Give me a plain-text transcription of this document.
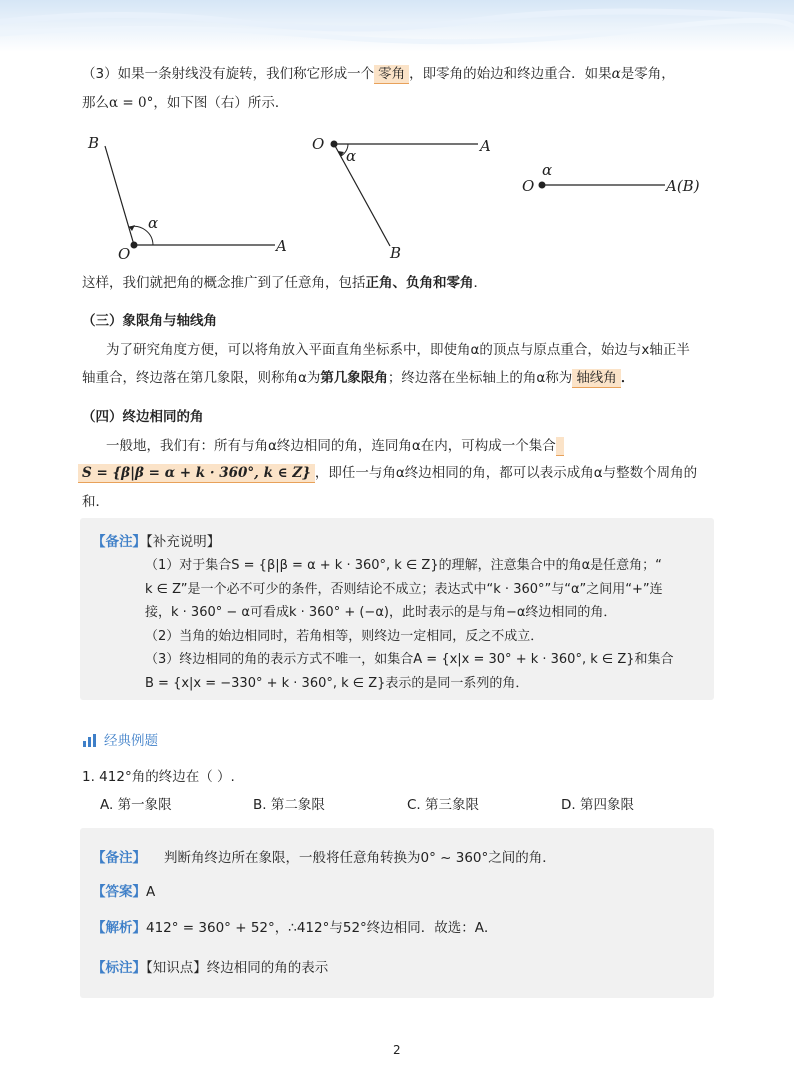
（3）如果一条射线没有旋转，我们称它形成一个 零角 ，即零角的始边和终边重合．如果α是零角，
那么α = 0°，如下图（右）所示．
B
O	A
α
O	A
B
α
O
α
A(B)
这样，我们就把角的概念推广到了任意角，包括正角、负角和零角．
（三）象限角与轴线角
为了研究角度方便，可以将角放入平面直角坐标系中，即使角α的顶点与原点重合，始边与x轴正半
轴重合，终边落在第几象限，则称角α为第几象限角；终边落在坐标轴上的角α称为 轴线角 ．
（四）终边相同的角
一般地，我们有：所有与角α终边相同的角，连同角α在内，可构成一个集合
S = {β|β = α + k · 360°, k ∈ Z} ，即任一与角α终边相同的角，都可以表示成角α与整数个周角的
和．
【备注】【补充说明】
（1）对于集合S = {β|β = α + k · 360°, k ∈ Z}的理解，注意集合中的角α是任意角；“
k ∈ Z”是一个必不可少的条件，否则结论不成立；表达式中“k · 360°”与“α”之间用“+”连
接，k · 360° − α可看成k · 360° + (−α)，此时表示的是与角−α终边相同的角．
（2）当角的始边相同时，若角相等，则终边一定相同，反之不成立．
（3）终边相同的角的表示方式不唯一，如集合A = {x|x = 30° + k · 360°, k ∈ Z}和集合
B = {x|x = −330° + k · 360°, k ∈ Z}表示的是同一系列的角．
经典例题
1. 412°角的终边在（ ）.
A. 第一象限	B. 第二象限	C. 第三象限	D. 第四象限
【备注】 判断角终边所在象限，一般将任意角转换为0° ~ 360°之间的角．
【答案】A
【解析】412° = 360° + 52°，∴412°与52°终边相同．故选：A．
【标注】【知识点】终边相同的角的表示
2
